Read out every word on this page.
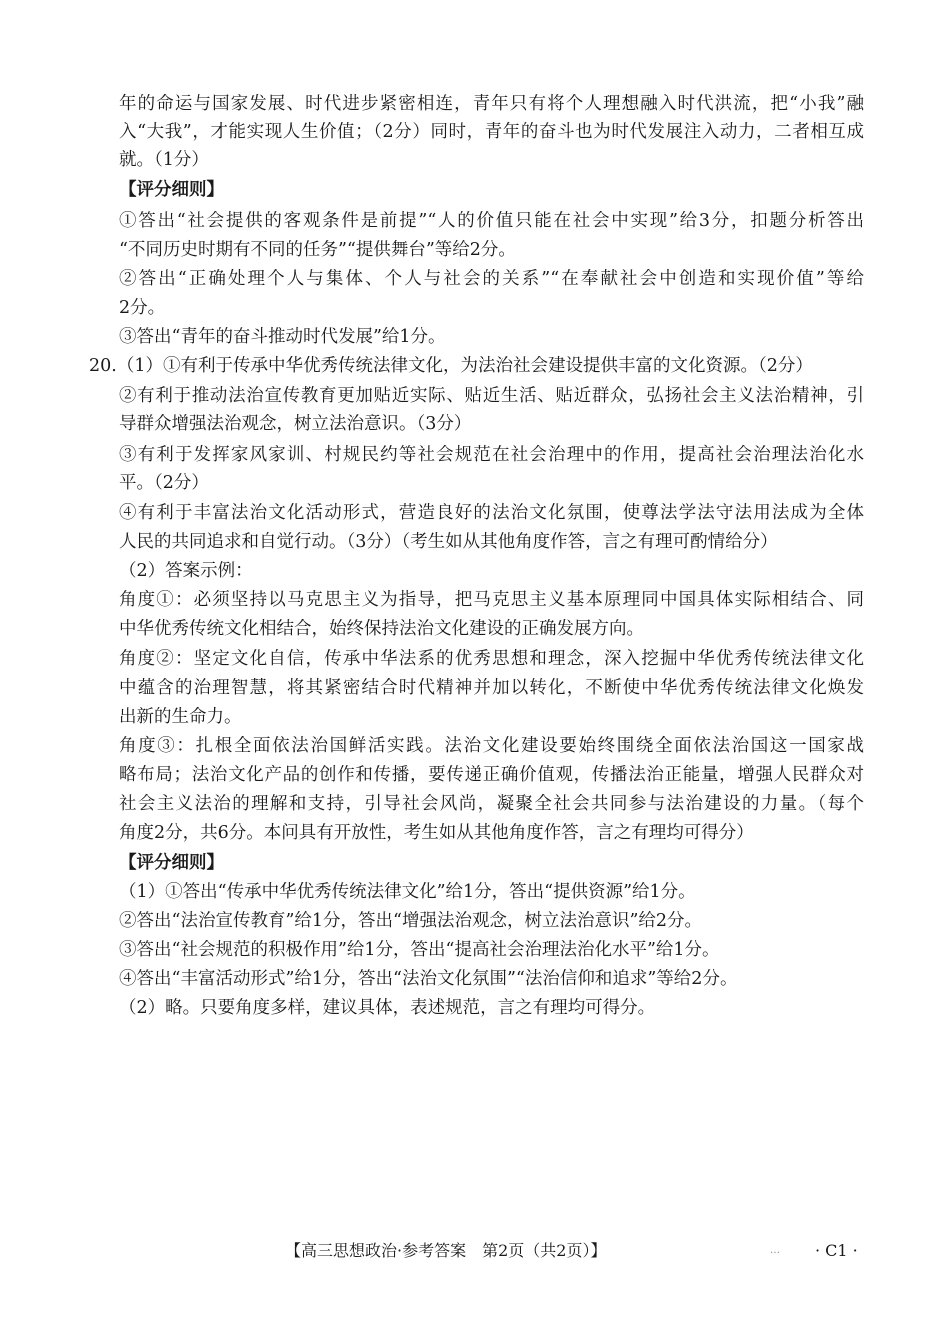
年的命运与国家发展、时代进步紧密相连，青年只有将个人理想融入时代洪流，把“小我”融
入“大我”，才能实现人生价值；（2分）同时，青年的奋斗也为时代发展注入动力，二者相互成
就。（1分）
【评分细则】
①答出“社会提供的客观条件是前提”“人的价值只能在社会中实现”给3分，扣题分析答出
“不同历史时期有不同的任务”“提供舞台”等给2分。
②答出“正确处理个人与集体、个人与社会的关系”“在奉献社会中创造和实现价值”等给
2分。
③答出“青年的奋斗推动时代发展”给1分。
20.（1）①有利于传承中华优秀传统法律文化，为法治社会建设提供丰富的文化资源。（2分）
②有利于推动法治宣传教育更加贴近实际、贴近生活、贴近群众，弘扬社会主义法治精神，引
导群众增强法治观念，树立法治意识。（3分）
③有利于发挥家风家训、村规民约等社会规范在社会治理中的作用，提高社会治理法治化水
平。（2分）
④有利于丰富法治文化活动形式，营造良好的法治文化氛围，使尊法学法守法用法成为全体
人民的共同追求和自觉行动。（3分）（考生如从其他角度作答，言之有理可酌情给分）
（2）答案示例：
角度①：必须坚持以马克思主义为指导，把马克思主义基本原理同中国具体实际相结合、同
中华优秀传统文化相结合，始终保持法治文化建设的正确发展方向。
角度②：坚定文化自信，传承中华法系的优秀思想和理念，深入挖掘中华优秀传统法律文化
中蕴含的治理智慧，将其紧密结合时代精神并加以转化，不断使中华优秀传统法律文化焕发
出新的生命力。
角度③：扎根全面依法治国鲜活实践。法治文化建设要始终围绕全面依法治国这一国家战
略布局；法治文化产品的创作和传播，要传递正确价值观，传播法治正能量，增强人民群众对
社会主义法治的理解和支持，引导社会风尚，凝聚全社会共同参与法治建设的力量。（每个
角度2分，共6分。本问具有开放性，考生如从其他角度作答，言之有理均可得分）
【评分细则】
（1）①答出“传承中华优秀传统法律文化”给1分，答出“提供资源”给1分。
②答出“法治宣传教育”给1分，答出“增强法治观念，树立法治意识”给2分。
③答出“社会规范的积极作用”给1分，答出“提高社会治理法治化水平”给1分。
④答出“丰富活动形式”给1分，答出“法治文化氛围”“法治信仰和追求”等给2分。
（2）略。只要角度多样，建议具体，表述规范，言之有理均可得分。
【高三思想政治·参考答案　第2页（共2页）】	… · C1 ·
